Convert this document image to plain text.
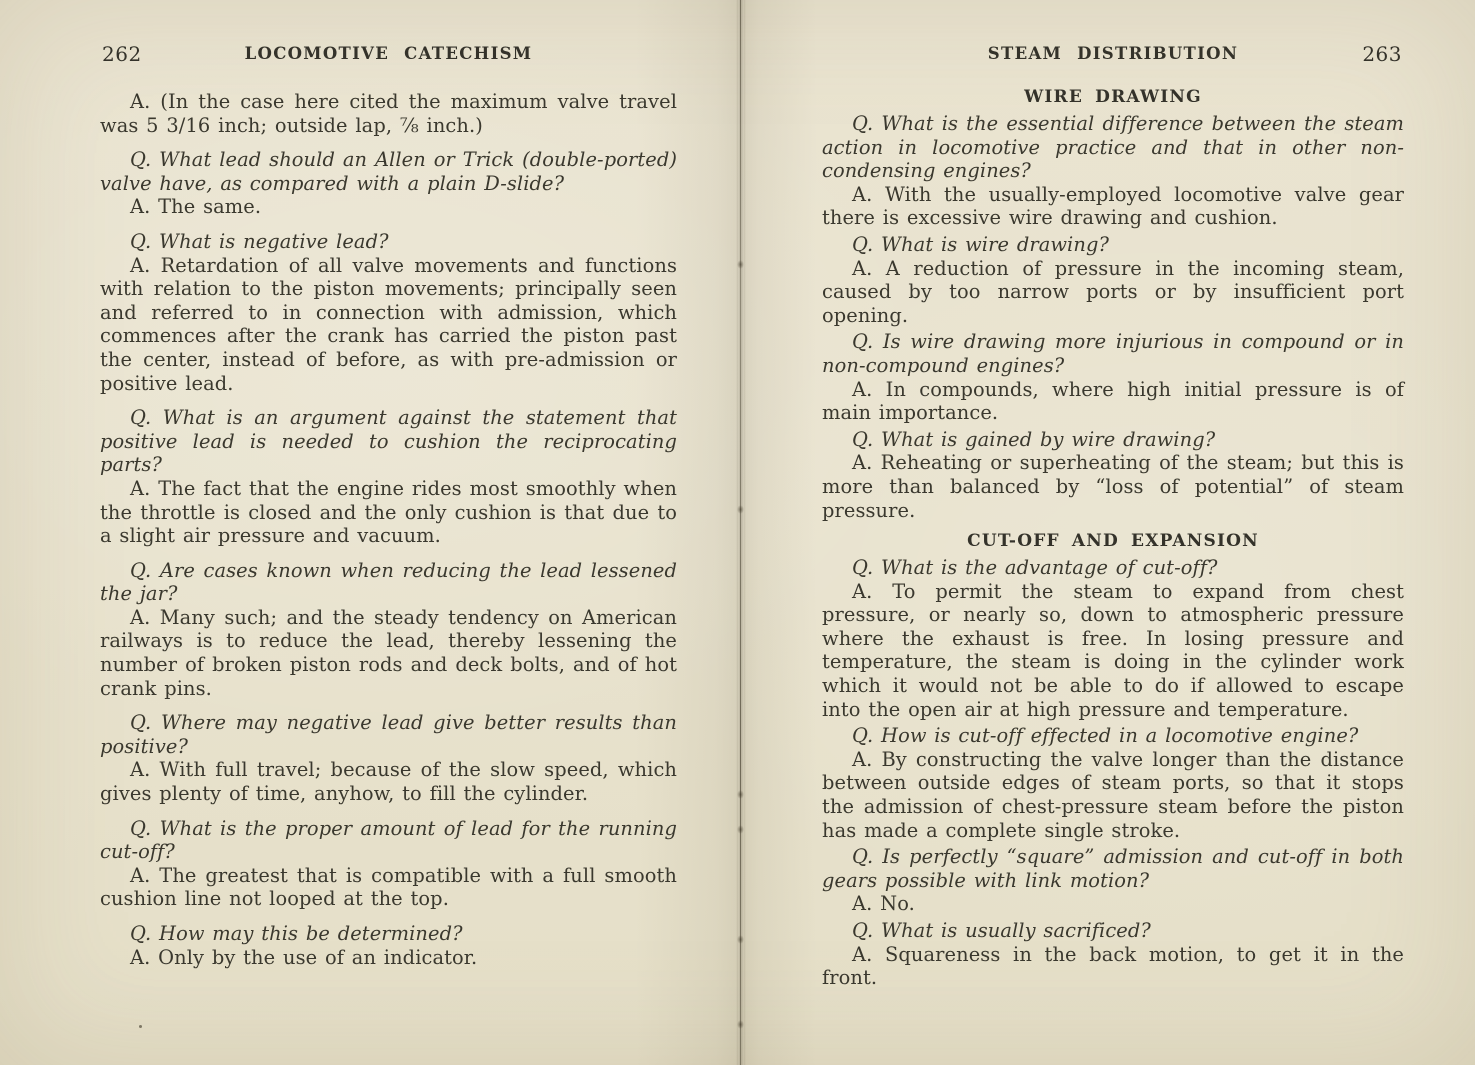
262	LOCOMOTIVE CATECHISM

A. (In the case here cited the maximum valve travel was 5 3/16 inch; outside lap, ⅞ inch.)

Q. What lead should an Allen or Trick (double-ported) valve have, as compared with a plain D-slide?

A. The same.

Q. What is negative lead?

A. Retardation of all valve movements and functions with relation to the piston movements; principally seen and referred to in connection with admission, which commences after the crank has carried the piston past the center, instead of before, as with pre-admission or positive lead.

Q. What is an argument against the statement that positive lead is needed to cushion the reciprocating parts?

A. The fact that the engine rides most smoothly when the throttle is closed and the only cushion is that due to a slight air pressure and vacuum.

Q. Are cases known when reducing the lead lessened the jar?

A. Many such; and the steady tendency on American railways is to reduce the lead, thereby lessening the number of broken piston rods and deck bolts, and of hot crank pins.

Q. Where may negative lead give better results than positive?

A. With full travel; because of the slow speed, which gives plenty of time, anyhow, to fill the cylinder.

Q. What is the proper amount of lead for the running cut-off?

A. The greatest that is compatible with a full smooth cushion line not looped at the top.

Q. How may this be determined?

A. Only by the use of an indicator.

STEAM DISTRIBUTION	263

WIRE DRAWING

Q. What is the essential difference between the steam action in locomotive practice and that in other non-condensing engines?

A. With the usually-employed locomotive valve gear there is excessive wire drawing and cushion.

Q. What is wire drawing?

A. A reduction of pressure in the incoming steam, caused by too narrow ports or by insufficient port opening.

Q. Is wire drawing more injurious in compound or in non-compound engines?

A. In compounds, where high initial pressure is of main importance.

Q. What is gained by wire drawing?

A. Reheating or superheating of the steam; but this is more than balanced by “loss of potential” of steam pressure.

CUT-OFF AND EXPANSION

Q. What is the advantage of cut-off?

A. To permit the steam to expand from chest pressure, or nearly so, down to atmospheric pressure where the exhaust is free. In losing pressure and temperature, the steam is doing in the cylinder work which it would not be able to do if allowed to escape into the open air at high pressure and temperature.

Q. How is cut-off effected in a locomotive engine?

A. By constructing the valve longer than the distance between outside edges of steam ports, so that it stops the admission of chest-pressure steam before the piston has made a complete single stroke.

Q. Is perfectly “square” admission and cut-off in both gears possible with link motion?

A. No.

Q. What is usually sacrificed?

A. Squareness in the back motion, to get it in the front.
